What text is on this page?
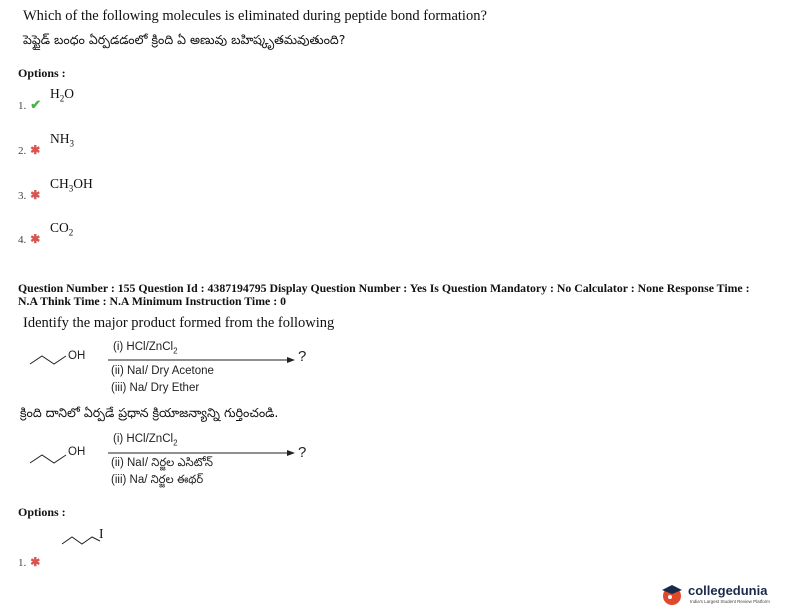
Which of the following molecules is eliminated during peptide bond formation?
పెప్టైడ్ బంధం ఏర్పడడంలో క్రింది ఏ అణువు బహిష్కృతమవుతుంది?
Options :
1. ✔
$H_2O$
2. ✱
$NH_3$
3. ✱
$CH_3OH$
4. ✱
$CO_2$
Question Number : 155 Question Id : 4387194795 Display Question Number : Yes Is Question Mandatory : No Calculator : None Response Time :
N.A Think Time : N.A Minimum Instruction Time : 0
Identify the major product formed from the following
OH
(i) HCl/ZnCl$_2$
(ii) NaI/ Dry Acetone
(iii) Na/ Dry Ether
?
క్రింది దానిలో ఏర్పడే ప్రధాన క్రియాజన్యాన్ని గుర్తించండి.
OH
(i) HCl/ZnCl$_2$
(ii) NaI/ నిర్జల ఎసిటోన్
(iii) Na/ నిర్జల ఈథర్
?
Options :
I
1. ✱
collegedunia
India's Largest Student Review Platform
